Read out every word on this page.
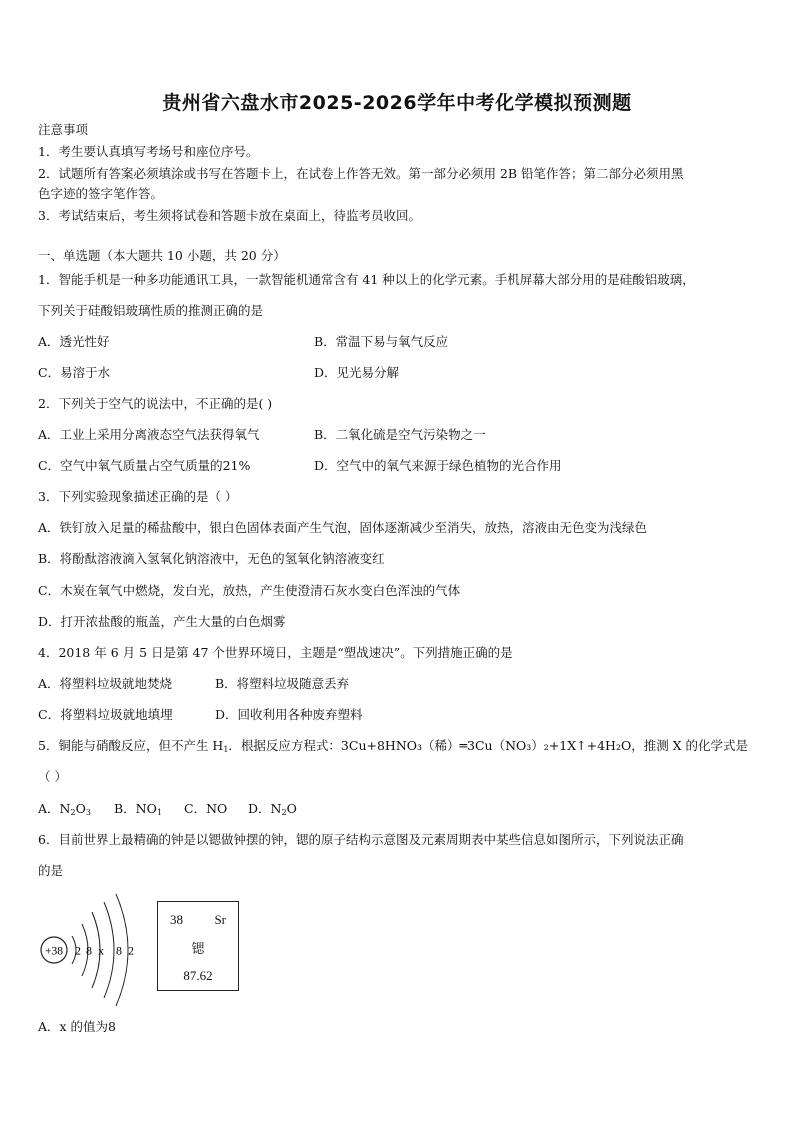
贵州省六盘水市2025-2026学年中考化学模拟预测题
注意事项
1．考生要认真填写考场号和座位序号。
2．试题所有答案必须填涂或书写在答题卡上，在试卷上作答无效。第一部分必须用 2B 铅笔作答；第二部分必须用黑
色字迹的签字笔作答。
3．考试结束后，考生须将试卷和答题卡放在桌面上，待监考员收回。
一、单选题（本大题共 10 小题，共 20 分）
1．智能手机是一种多功能通讯工具，一款智能机通常含有 41 种以上的化学元素。手机屏幕大部分用的是硅酸铝玻璃，
下列关于硅酸铝玻璃性质的推测正确的是
A．透光性好	B．常温下易与氧气反应
C．易溶于水	D．见光易分解
2．下列关于空气的说法中，不正确的是( )
A．工业上采用分离液态空气法获得氧气	B．二氧化硫是空气污染物之一
C．空气中氧气质量占空气质量的21%	D．空气中的氧气来源于绿色植物的光合作用
3．下列实验现象描述正确的是（ ）
A．铁钉放入足量的稀盐酸中，银白色固体表面产生气泡，固体逐渐减少至消失，放热，溶液由无色变为浅绿色
B．将酚酞溶液滴入氢氧化钠溶液中，无色的氢氧化钠溶液变红
C．木炭在氧气中燃烧，发白光，放热，产生使澄清石灰水变白色浑浊的气体
D．打开浓盐酸的瓶盖，产生大量的白色烟雾
4．2018 年 6 月 5 日是第 47 个世界环境日，主题是“塑战速决”。下列措施正确的是
A．将塑料垃圾就地焚烧	B．将塑料垃圾随意丢弃
C．将塑料垃圾就地填埋	D．回收利用各种废弃塑料
5．铜能与硝酸反应，但不产生 $H_1$．根据反应方程式：3Cu+8HNO₃（稀）═3Cu（NO₃）₂+1X↑+4H₂O，推测 X 的化学式是
（ ）
A．$N_2O_3$ B．$NO_1$ C．NO D．$N_2O$
6．目前世界上最精确的钟是以锶做钟摆的钟，锶的原子结构示意图及元素周期表中某些信息如图所示，下列说法正确
的是
+38 2 8 x 8 2
38 Sr
锶
87.62
A．x 的值为8
